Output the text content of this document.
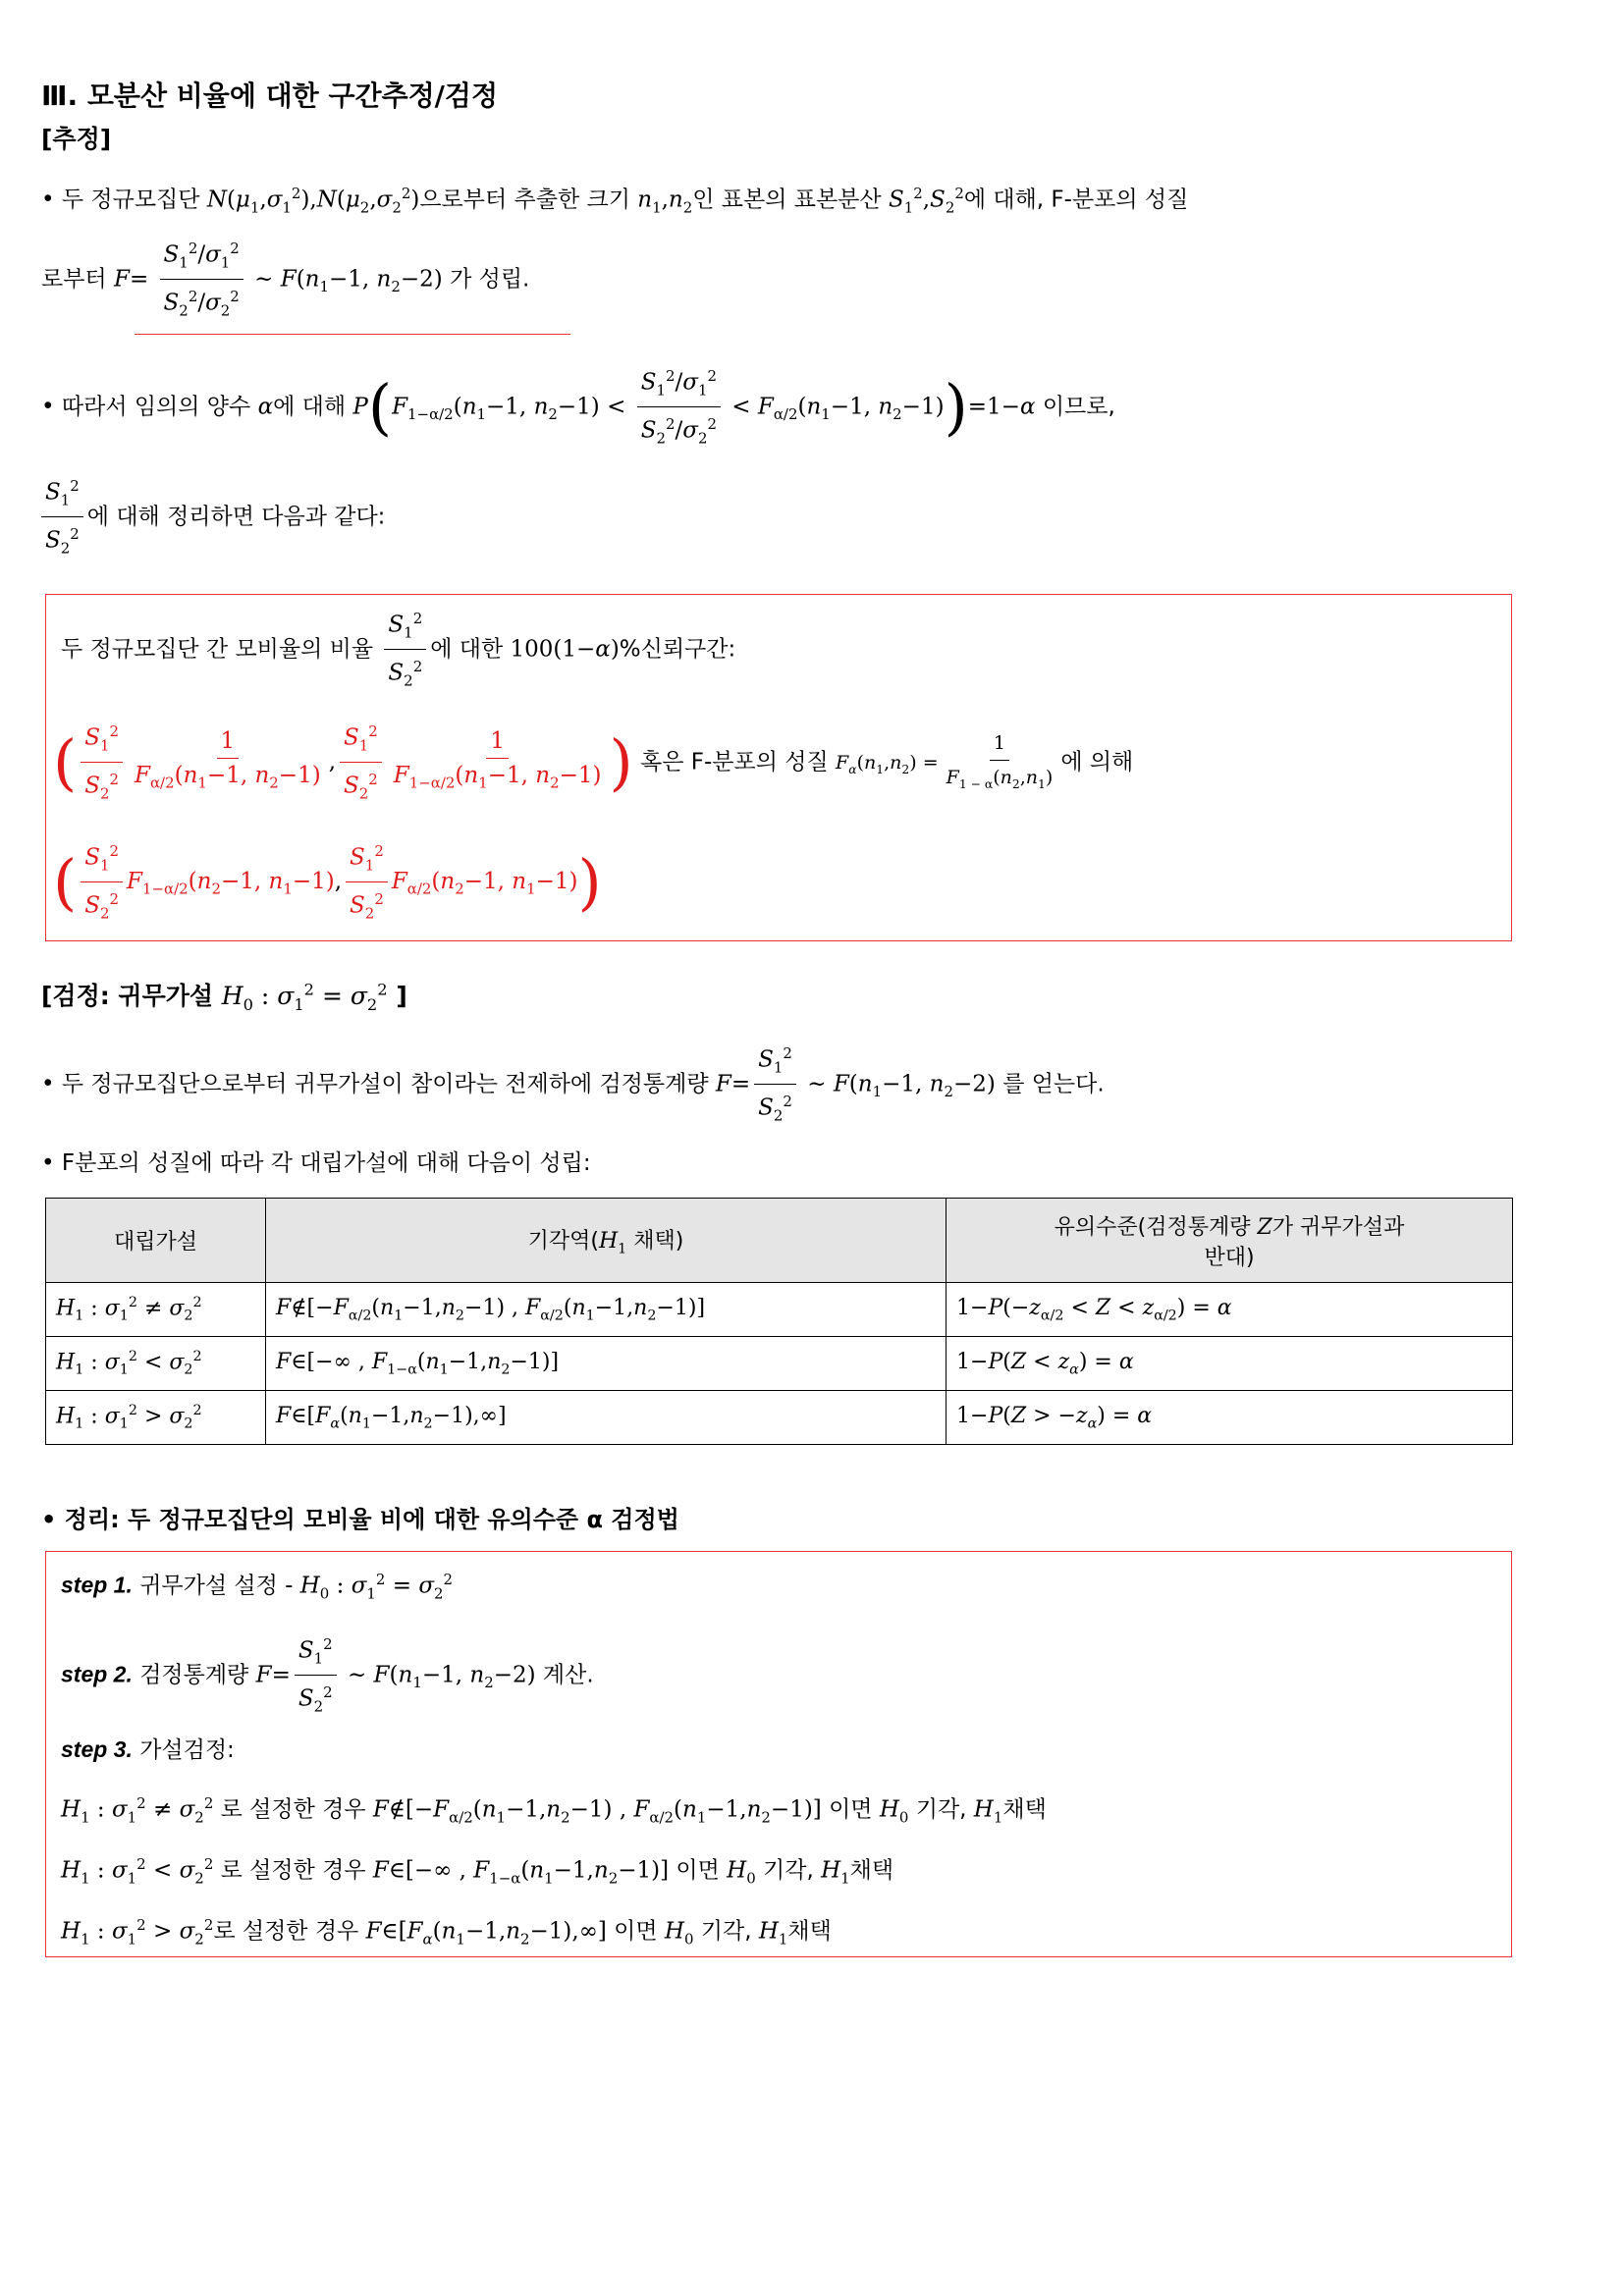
Ⅲ. 모분산 비율에 대한 구간추정/검정
[추정]
• 두 정규모집단 $N(\mu_1,\sigma_1^2),N(\mu_2,\sigma_2^2)$으로부터 추출한 크기 $n_1,n_2$인 표본의 표본분산 $S_1^2,S_2^2$에 대해, F-분포의 성질
로부터 $F= \frac{S_1^2/\sigma_1^2}{S_2^2/\sigma_2^2}$ ~ $F(n_1-1$, $n_2-2$) 가 성립.
• 따라서 임의의 양수 α에 대해 $P(F_{1-\alpha/2}(n_1-1$, $n_2-1) < \frac{S_1^2/\sigma_1^2}{S_2^2/\sigma_2^2} < F_{\alpha/2}(n_1-1$, $n_2-1))=1-\alpha$ 이므로,
$\frac{S_1^2}{S_2^2}$ 에 대해 정리하면 다음과 같다:
두 정규모집단 간 모비율의 비율 $\frac{S_1^2}{S_2^2}$ 에 대한 100(1−α)%신뢰구간:
( $\frac{S_1^2}{S_2^2} \frac{1}{F_{\alpha/2}(n_1-1, n_2-1)}$ , $\frac{S_1^2}{S_2^2} \frac{1}{F_{1-\alpha/2}(n_1-1, n_2-1)}$ ) 혹은 F-분포의 성질 $F_\alpha(n_1,n_2) = \frac{1}{F_{1 - \alpha}(n_2,n_1)}$ 에 의해
( $\frac{S_1^2}{S_2^2} F_{1-\alpha/2}(n_2-1$, $n_1-1$), $\frac{S_1^2}{S_2^2} F_{\alpha/2}(n_2-1$, $n_1-1$))
[검정: 귀무가설 $H_0$ : $\sigma_1^2 = \sigma_2^2$ ]
• 두 정규모집단으로부터 귀무가설이 참이라는 전제하에 검정통계량 $F= \frac{S_1^2}{S_2^2}$ ~ $F(n_1-1$, $n_2-2$) 를 얻는다.
• F분포의 성질에 따라 각 대립가설에 대해 다음이 성립:
대립가설	기각역($H_1$ 채택)	유의수준(검정통계량 Z가 귀무가설과
반대)
$H_1$ : $\sigma_1^2 \ne \sigma_2^2$	$F\notin[-F_{\alpha/2}(n_1-1,n_2-1)$ , $F_{\alpha/2}(n_1-1,n_2-1)$]	$1-P(-z_{\alpha/2} < Z < z_{\alpha/2}) = \alpha$
$H_1$ : $\sigma_1^2 < \sigma_2^2$	F∈[−∞ , $F_{1-\alpha}(n_1-1,n_2-1)$]	$1-P(Z < z_\alpha) = \alpha$
$H_1$ : $\sigma_1^2 > \sigma_2^2$	$F\in[F_\alpha(n_1-1,n_2-1),\infty]$	$1-P(Z > -z_\alpha) = \alpha$
• 정리: 두 정규모집단의 모비율 비에 대한 유의수준 α 검정법
step 1. 귀무가설 설정 - $H_0$ : $\sigma_1^2 = \sigma_2^2$
step 2. 검정통계량 $F= \frac{S_1^2}{S_2^2}$ ~ $F(n_1-1$, $n_2-2$) 계산.
step 3. 가설검정:
$H_1$ : $\sigma_1^2 \ne \sigma_2^2$ 로 설정한 경우 $F\notin[-F_{\alpha/2}(n_1-1,n_2-1)$ , $F_{\alpha/2}(n_1-1,n_2-1)$] 이면 $H_0$ 기각, $H_1$채택
$H_1$ : $\sigma_1^2 < \sigma_2^2$ 로 설정한 경우 F∈[−∞ , $F_{1-\alpha}(n_1-1,n_2-1)$] 이면 $H_0$ 기각, $H_1$채택
$H_1$ : $\sigma_1^2 > \sigma_2^2$로 설정한 경우 $F\in[F_\alpha(n_1-1,n_2-1),\infty]$ 이면 $H_0$ 기각, $H_1$채택
